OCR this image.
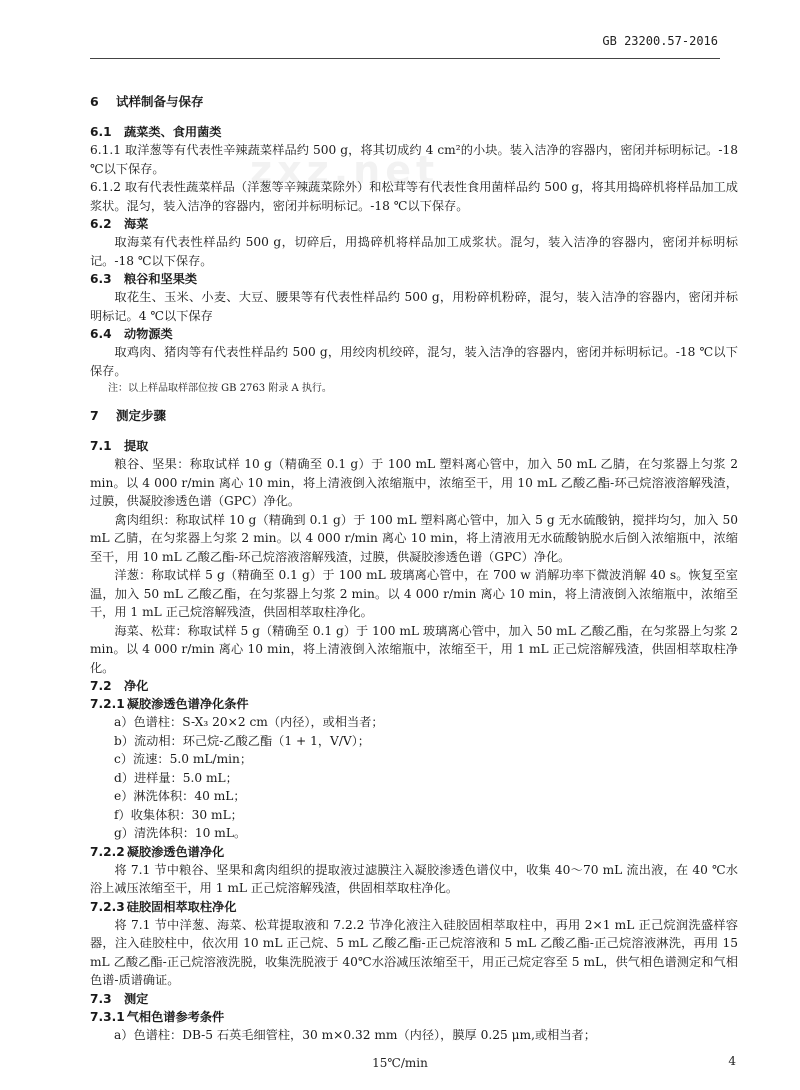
GB 23200.57-2016
zxz.net
6 试样制备与保存
6.1 蔬菜类、食用菌类

6.1.1 取洋葱等有代表性辛辣蔬菜样品约 500 g，将其切成约 4 cm²的小块。装入洁净的容器内，密闭并标明标记。-18 ℃以下保存。

6.1.2 取有代表性蔬菜样品（洋葱等辛辣蔬菜除外）和松茸等有代表性食用菌样品约 500 g，将其用捣碎机将样品加工成浆状。混匀，装入洁净的容器内，密闭并标明标记。-18 ℃以下保存。

6.2 海菜

取海菜有代表性样品约 500 g，切碎后，用捣碎机将样品加工成浆状。混匀，装入洁净的容器内，密闭并标明标记。-18 ℃以下保存。

6.3 粮谷和坚果类

取花生、玉米、小麦、大豆、腰果等有代表性样品约 500 g，用粉碎机粉碎，混匀，装入洁净的容器内，密闭并标明标记。4 ℃以下保存

6.4 动物源类

取鸡肉、猪肉等有代表性样品约 500 g，用绞肉机绞碎，混匀，装入洁净的容器内，密闭并标明标记。-18 ℃以下保存。

注：以上样品取样部位按 GB 2763 附录 A 执行。

7 测定步骤
7.1 提取

粮谷、坚果：称取试样 10 g（精确至 0.1 g）于 100 mL 塑料离心管中，加入 50 mL 乙腈，在匀浆器上匀浆 2 min。以 4 000 r/min 离心 10 min，将上清液倒入浓缩瓶中，浓缩至干，用 10 mL 乙酸乙酯-环己烷溶液溶解残渣，过膜，供凝胶渗透色谱（GPC）净化。

禽肉组织：称取试样 10 g（精确到 0.1 g）于 100 mL 塑料离心管中，加入 5 g 无水硫酸钠，搅拌均匀，加入 50 mL 乙腈，在匀浆器上匀浆 2 min。以 4 000 r/min 离心 10 min，将上清液用无水硫酸钠脱水后倒入浓缩瓶中，浓缩至干，用 10 mL 乙酸乙酯-环己烷溶液溶解残渣，过膜，供凝胶渗透色谱（GPC）净化。

洋葱：称取试样 5 g（精确至 0.1 g）于 100 mL 玻璃离心管中，在 700 w 消解功率下微波消解 40 s。恢复至室温，加入 50 mL 乙酸乙酯，在匀浆器上匀浆 2 min。以 4 000 r/min 离心 10 min，将上清液倒入浓缩瓶中，浓缩至干，用 1 mL 正己烷溶解残渣，供固相萃取柱净化。

海菜、松茸：称取试样 5 g（精确至 0.1 g）于 100 mL 玻璃离心管中，加入 50 mL 乙酸乙酯，在匀浆器上匀浆 2 min。以 4 000 r/min 离心 10 min，将上清液倒入浓缩瓶中，浓缩至干，用 1 mL 正己烷溶解残渣，供固相萃取柱净化。

7.2 净化
7.2.1 凝胶渗透色谱净化条件
a）色谱柱：S-X₃ 20×2 cm（内径），或相当者；
b）流动相：环己烷-乙酸乙酯（1 + 1，V/V）；
c）流速：5.0 mL/min；
d）进样量：5.0 mL；
e）淋洗体积：40 mL；
f）收集体积：30 mL；
g）清洗体积：10 mL。
7.2.2 凝胶渗透色谱净化

将 7.1 节中粮谷、坚果和禽肉组织的提取液过滤膜注入凝胶渗透色谱仪中，收集 40～70 mL 流出液，在 40 ℃水浴上减压浓缩至干，用 1 mL 正己烷溶解残渣，供固相萃取柱净化。

7.2.3 硅胶固相萃取柱净化

将 7.1 节中洋葱、海菜、松茸提取液和 7.2.2 节净化液注入硅胶固相萃取柱中，再用 2×1 mL 正己烷润洗盛样容器，注入硅胶柱中，依次用 10 mL 正己烷、5 mL 乙酸乙酯-正己烷溶液和 5 mL 乙酸乙酯-正己烷溶液淋洗，再用 15 mL 乙酸乙酯-正己烷溶液洗脱，收集洗脱液于 40℃水浴减压浓缩至干，用正己烷定容至 5 mL，供气相色谱测定和气相色谱-质谱确证。

7.3 测定
7.3.1 气相色谱参考条件
a）色谱柱：DB-5 石英毛细管柱，30 m×0.32 mm（内径），膜厚 0.25 μm,或相当者；
15℃/min	4
